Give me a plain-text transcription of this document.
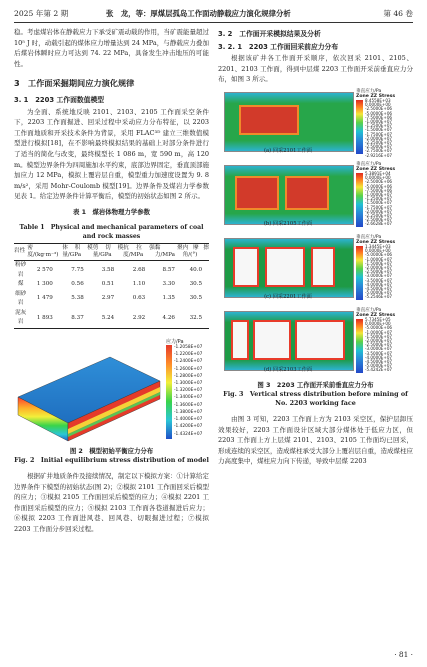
2025 年第 2 期	张　龙，等：厚煤层孤岛工作面动静载应力演化规律分析	第 46 卷

稳。考虑煤岩体在静载应力下承受矿震动载的作用，当矿震能量超过 10⁵ J 时，动载引起的煤体应力增量达到 24 MPa，与静载应力叠加后煤岩体瞬时应力可达到 74. 22 MPa，具备发生冲击地压的可能性。

3　工作面采掘期间应力演化规律
3. 1　2203 工作面数值模型

为全面、系统地反映 2101、2103、2105 工作面采空条件下，2203 工作面掘进、回采过程中采动应力分布特征，以 2203 工作面地质和开采技术条件为背景，采用 FLAC³ᴰ 建立三维数值模型进行模拟[18]，在不影响最终模拟结果的基础上对部分条件进行了适当的简化与改变，最终模型长 1 086 m，宽 590 m，高 120 m。模型边界条件为四周施加水平约束，底部边界固定，垂直顶部施加应力 12 MPa，模拟上覆岩层自重，模型重力加速度设置为 9. 8 m/s²，采用 Mohr-Coulomb 模型[19]。边界条件及煤岩力学参数见表 1。给定边界条件计算平衡后，模型的初始状态如图 2 所示。

表 1　煤岩体物理力学参数
Table 1　Physical and mechanical parameters of coal and rock masses
岩性	密度/(kg·m⁻³)	体积模量/GPa	剪切模量/GPa	抗拉强度/MPa	黏聚力/MPa	内摩擦角/(°)
粉砂岩	2 570	7.75	3.58	2.68	8.57	40.0
煤	1 300	0.56	0.51	1.10	3.30	30.5
细砂岩	1 479	5.38	2.97	0.63	1.35	30.5
泥灰岩	1 893	8.37	5.24	2.92	4.26	32.5
应力/Pa
-1.2058E+07
-1.2200E+07
-1.2400E+07
-1.2600E+07
-1.2800E+07
-1.3000E+07
-1.3200E+07
-1.3400E+07
-1.3600E+07
-1.3800E+07
-1.4000E+07
-1.4200E+07
-1.4324E+07
图 2　模型初始平衡应力分布
Fig. 2　Initial equilibrium stress distribution of model

根据矿井地质条件及接续情况，制定以下模拟方案：①计算给定边界条件下模型的初始状态(图 2)；②模拟 2101 工作面回采后模型的应力；③模拟 2105 工作面回采后模型的应力；④模拟 2201 工作面回采后模型的应力；⑤模拟 2103 工作面各巷道掘进后应力；⑥模拟 2203 工作面进风巷、回风巷、切眼掘进过程；⑦模拟 2203 工作面分步回采过程。

3. 2　工作面开采模拟结果及分析
3. 2. 1　2203 工作面回采前应力分布

根据该矿井各工作面开采顺序，依次回采 2101、2105、2201、2103 工作面，得到中层煤 2203 工作面开采前垂直应力分布，如图 3 所示。

(a) 回采2101工作面
垂直应力/Pa
Zone ZZ Stress
8.4558E+03
0.0000E+00
-2.5000E+06
-5.0000E+06
-7.5000E+06
-1.0000E+07
-1.2500E+07
-1.5000E+07
-1.7500E+07
-2.0000E+07
-2.2500E+07
-2.5000E+07
-2.7500E+07
-2.9216E+07
(b) 回采2105工作面
垂直应力/Pa
Zone ZZ Stress
5.3891E+04
0.0000E+00
-2.5000E+06
-5.0000E+06
-7.5000E+06
-1.0000E+07
-1.2500E+07
-1.5000E+07
-1.7500E+07
-2.0000E+07
-2.2500E+07
-2.5000E+07
-2.6628E+07
(c) 回采2201工作面
垂直应力/Pa
Zone ZZ Stress
1.3445E+03
0.0000E+00
-5.0000E+06
-1.0000E+07
-1.5000E+07
-2.0000E+07
-2.5000E+07
-3.0000E+07
-3.5000E+07
-4.0000E+07
-4.5000E+07
-5.0000E+07
-5.2546E+07
(d) 回采2103工作面
垂直应力/Pa
Zone ZZ Stress
5.7345E+05
0.0000E+00
-5.0000E+06
-1.0000E+07
-1.5000E+07
-2.0000E+07
-2.5000E+07
-3.0000E+07
-3.5000E+07
-4.0000E+07
-4.5000E+07
-5.0000E+07
-5.4242E+07
图 3　2203 工作面开采前垂直应力分布
Fig. 3　Vertical stress distribution before mining of No. 2203 working face

由图 3 可知，2203 工作面上方为 2103 采空区，保护层卸压效果较好，2203 工作面设计区域大部分煤体处于低应力区，但 2203 工作面上方上层煤 2101、2103、2105 工作面均已回采，形成连续的采空区，造成煤柱承受大部分上覆岩层自重，造成煤柱应力高度集中，煤柱应力向下传递，导致中层煤 2203

· 81 ·
